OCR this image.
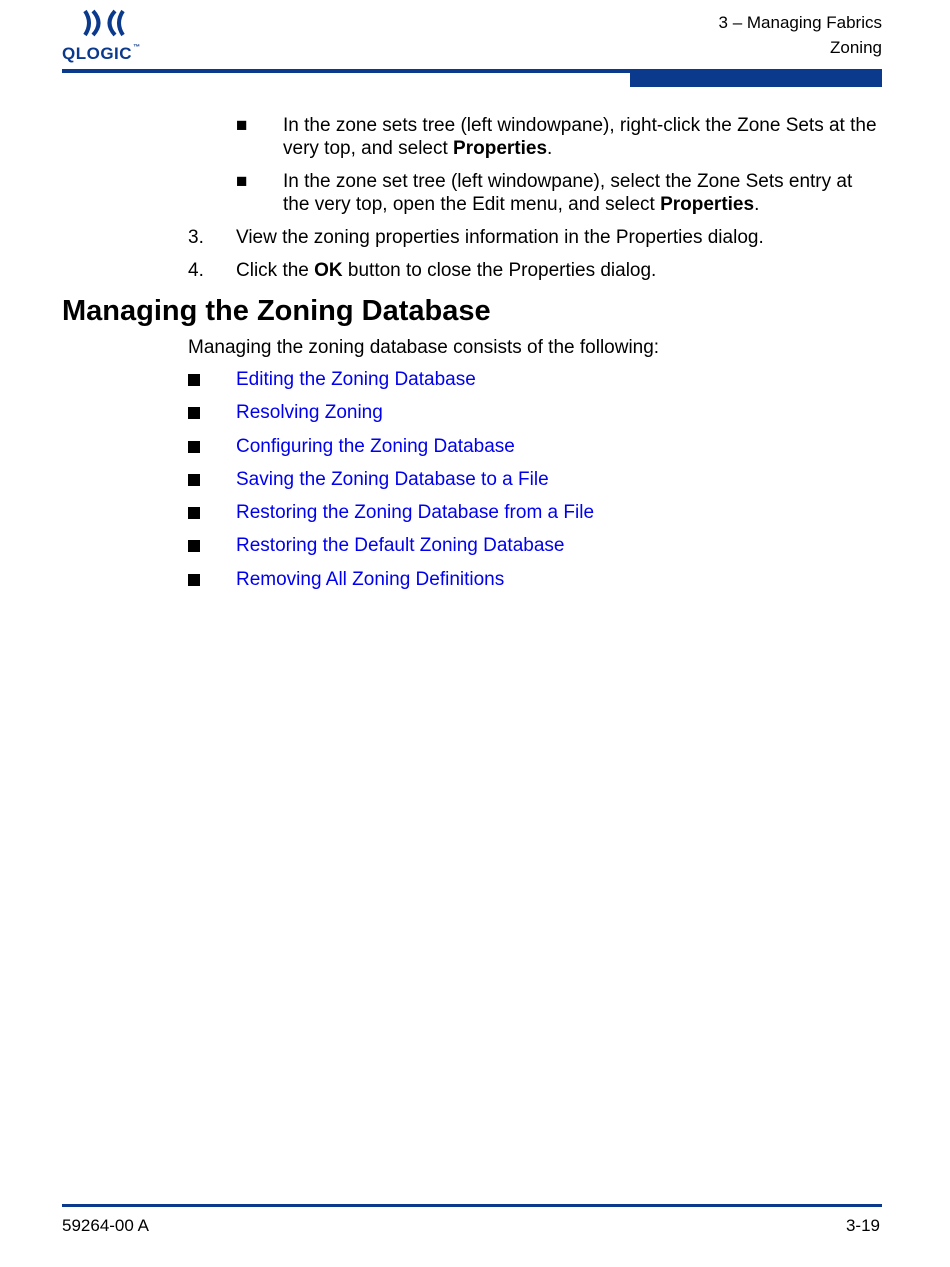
QLOGIC™
3 – Managing Fabrics
Zoning
■ In the zone sets tree (left windowpane), right-click the Zone Sets at the very top, and select Properties.
■ In the zone set tree (left windowpane), select the Zone Sets entry at the very top, open the Edit menu, and select Properties.
3. View the zoning properties information in the Properties dialog.
4. Click the OK button to close the Properties dialog.
Managing the Zoning Database
Managing the zoning database consists of the following:
Editing the Zoning Database
Resolving Zoning
Configuring the Zoning Database
Saving the Zoning Database to a File
Restoring the Zoning Database from a File
Restoring the Default Zoning Database
Removing All Zoning Definitions
59264-00 A	3-19
